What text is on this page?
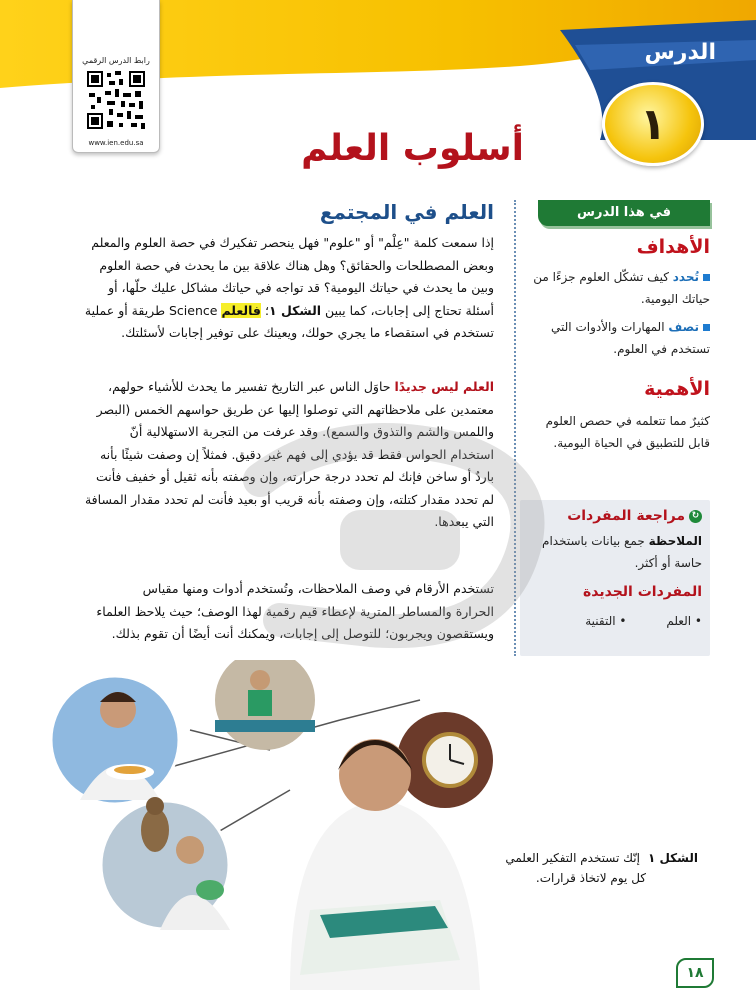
رابط الدرس الرقمي
www.ien.edu.sa
الدرس
١
أسلوب العلم
في هذا الدرس
الأهداف
تُحدد كيف تشكّل العلوم جزءًا من حياتك اليومية.
تصف المهارات والأدوات التي تستخدم في العلوم.
الأهمية
كثيرٌ مما تتعلمه في حصص العلوم قابل للتطبيق في الحياة اليومية.
↻مراجعة المفردات
الملاحظة جمع بيانات باستخدام حاسة أو أكثر.
المفردات الجديدة
• العلم • التقنية
العلم في المجتمع
إذا سمعت كلمة "عِلْم" أو "علوم" فهل ينحصر تفكيرك في حصة العلوم والمعلم
وبعض المصطلحات والحقائق؟ وهل هناك علاقة بين ما يحدث في حصة العلوم
وبين ما يحدث في حياتك اليومية؟ قد تواجه في حياتك مشاكل عليك حلّها، أو
أسئلة تحتاج إلى إجابات، كما يبين الشكل ١؛ فالعلم Science طريقة أو عملية
تستخدم في استقصاء ما يجري حولك، ويعينك على توفير إجابات لأسئلتك.
العلم ليس جديدًا حاوَل الناس عبر التاريخ تفسير ما يحدث للأشياء حولهم،
معتمدين على ملاحظاتهم التي توصلوا إليها عن طريق حواسهم الخمس (البصر
واللمس والشم والتذوق والسمع). وقد عرفت من التجربة الاستهلالية أنّ
استخدام الحواس فقط قد يؤدي إلى فهم غير دقيق. فمثلاً إن وصفت شيئًا بأنه
باردٌ أو ساخن فإنك لم تحدد درجة حرارته، وإن وصفته بأنه ثقيل أو خفيف فأنت
لم تحدد مقدار كتلته، وإن وصفته بأنه قريب أو بعيد فأنت لم تحدد مقدار المسافة
التي يبعدها.
تستخدم الأرقام في وصف الملاحظات، وتُستخدم أدوات ومنها مقياس
الحرارة والمساطر المترية لإعطاء قيم رقمية لهذا الوصف؛ حيث يلاحظ العلماء
ويستقصون ويجربون؛ للتوصل إلى إجابات، ويمكنك أنت أيضًا أن تقوم بذلك.
الشكل ١إنّك تستخدم التفكير العلمي
كل يوم لاتخاذ قرارات.
١٨
